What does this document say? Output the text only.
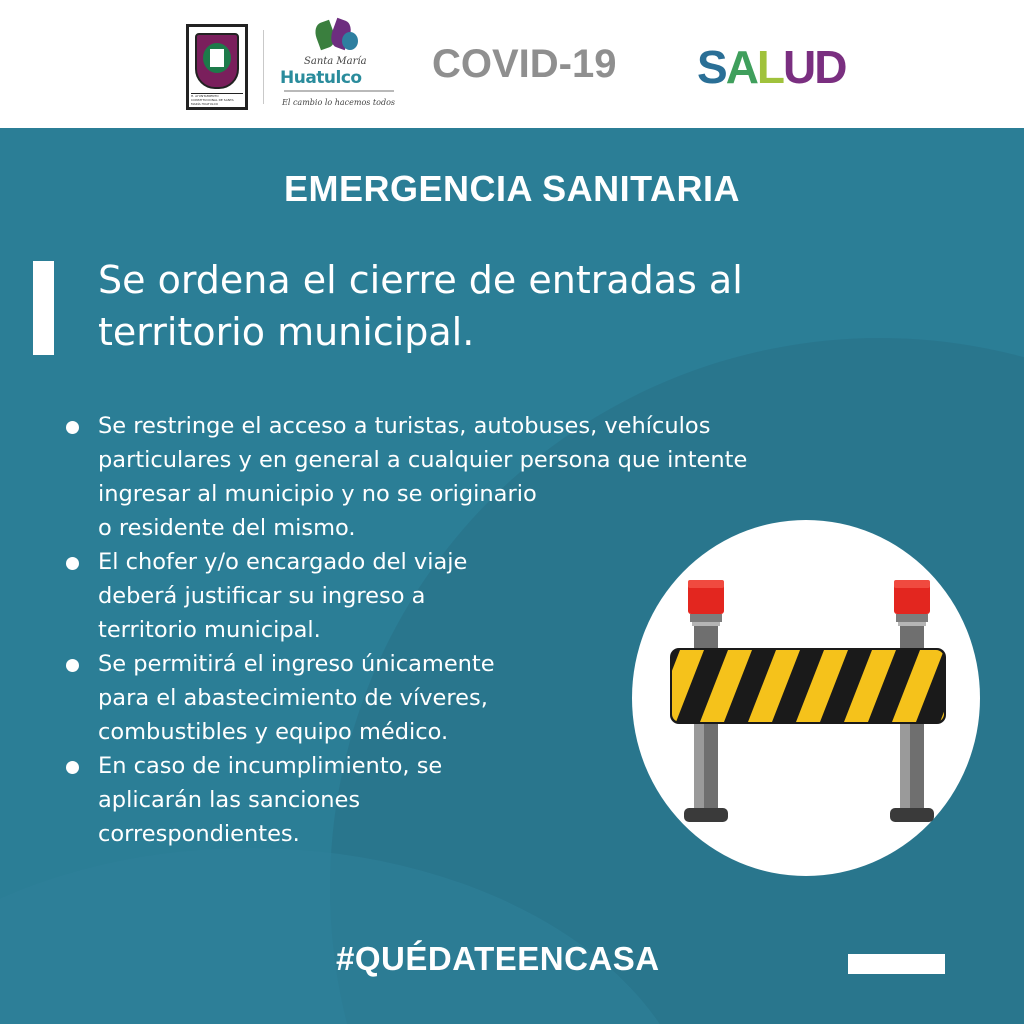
H. AYUNTAMIENTO CONSTITUCIONAL DE SANTA MARÍA HUATULCO
Santa María
Huatulco
El cambio lo hacemos todos
COVID-19 SALUD
EMERGENCIA SANITARIA
Se ordena el cierre de entradas al territorio municipal.
Se restringe el acceso a turistas, autobuses, vehículos
particulares y en general a cualquier persona que intente
ingresar al municipio y no se originario
o residente del mismo.
El chofer y/o encargado del viaje
deberá justificar su ingreso a
territorio municipal.
Se permitirá el ingreso únicamente
para el abastecimiento de víveres,
combustibles y equipo médico.
En caso de incumplimiento, se
aplicarán las sanciones
correspondientes.
#QUÉDATEENCASA
